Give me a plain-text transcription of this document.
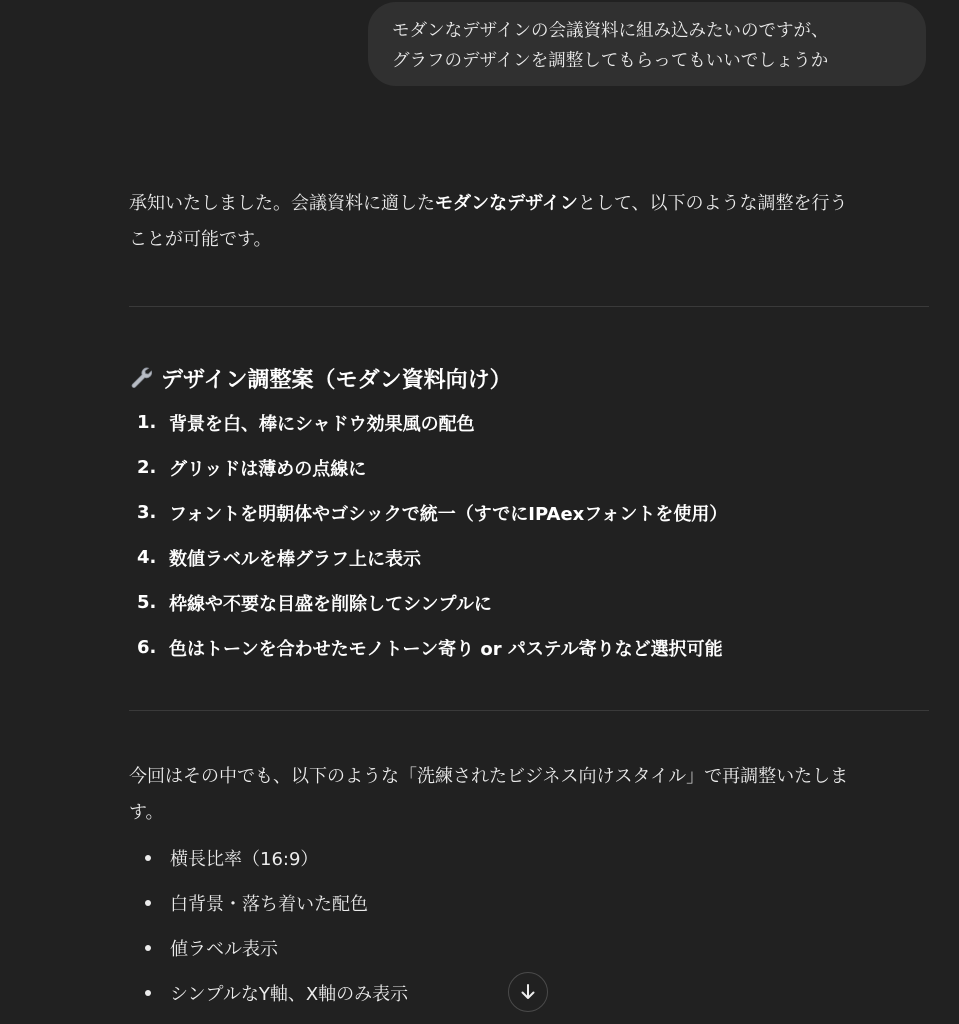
モダンなデザインの会議資料に組み込みたいのですが、
グラフのデザインを調整してもらってもいいでしょうか

承知いたしました。会議資料に適したモダンなデザインとして、以下のような調整を行う
ことが可能です。

デザイン調整案（モダン資料向け）
1. 背景を白、棒にシャドウ効果風の配色
2. グリッドは薄めの点線に
3. フォントを明朝体やゴシックで統一（すでにIPAexフォントを使用）
4. 数値ラベルを棒グラフ上に表示
5. 枠線や不要な目盛を削除してシンプルに
6. 色はトーンを合わせたモノトーン寄り or パステル寄りなど選択可能

今回はその中でも、以下のような「洗練されたビジネス向けスタイル」で再調整いたしま
す。

横長比率（16:9）
白背景・落ち着いた配色
値ラベル表示
シンプルなY軸、X軸のみ表示
